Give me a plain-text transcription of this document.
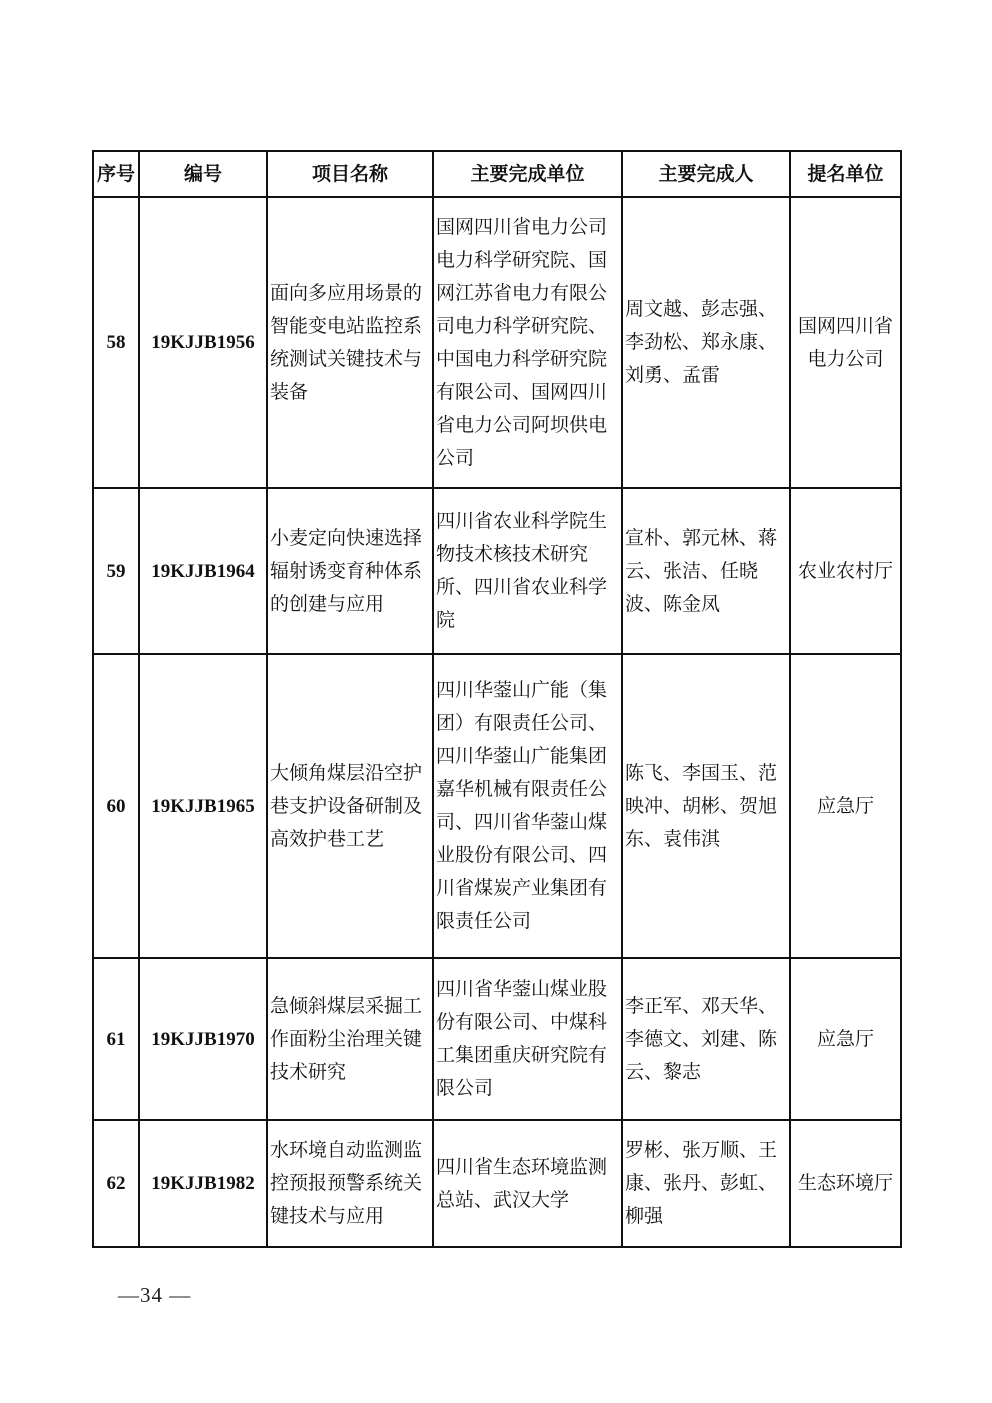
序号	编号	项目名称	主要完成单位	主要完成人	提名单位
58	19KJJB1956	面向多应用场景的智能变电站监控系统测试关键技术与装备	国网四川省电力公司电力科学研究院、国网江苏省电力有限公司电力科学研究院、中国电力科学研究院有限公司、国网四川省电力公司阿坝供电公司	周文越、彭志强、李劲松、郑永康、刘勇、孟雷	国网四川省电力公司
59	19KJJB1964	小麦定向快速选择辐射诱变育种体系的创建与应用	四川省农业科学院生物技术核技术研究所、四川省农业科学院	宣朴、郭元林、蒋云、张洁、任晓波、陈金凤	农业农村厅
60	19KJJB1965	大倾角煤层沿空护巷支护设备研制及高效护巷工艺	四川华蓥山广能（集团）有限责任公司、四川华蓥山广能集团嘉华机械有限责任公司、四川省华蓥山煤业股份有限公司、四川省煤炭产业集团有限责任公司	陈飞、李国玉、范映冲、胡彬、贺旭东、袁伟淇	应急厅
61	19KJJB1970	急倾斜煤层采掘工作面粉尘治理关键技术研究	四川省华蓥山煤业股份有限公司、中煤科工集团重庆研究院有限公司	李正军、邓天华、李德文、刘建、陈云、黎志	应急厅
62	19KJJB1982	水环境自动监测监控预报预警系统关键技术与应用	四川省生态环境监测总站、武汉大学	罗彬、张万顺、王康、张丹、彭虹、柳强	生态环境厅
—34 —
